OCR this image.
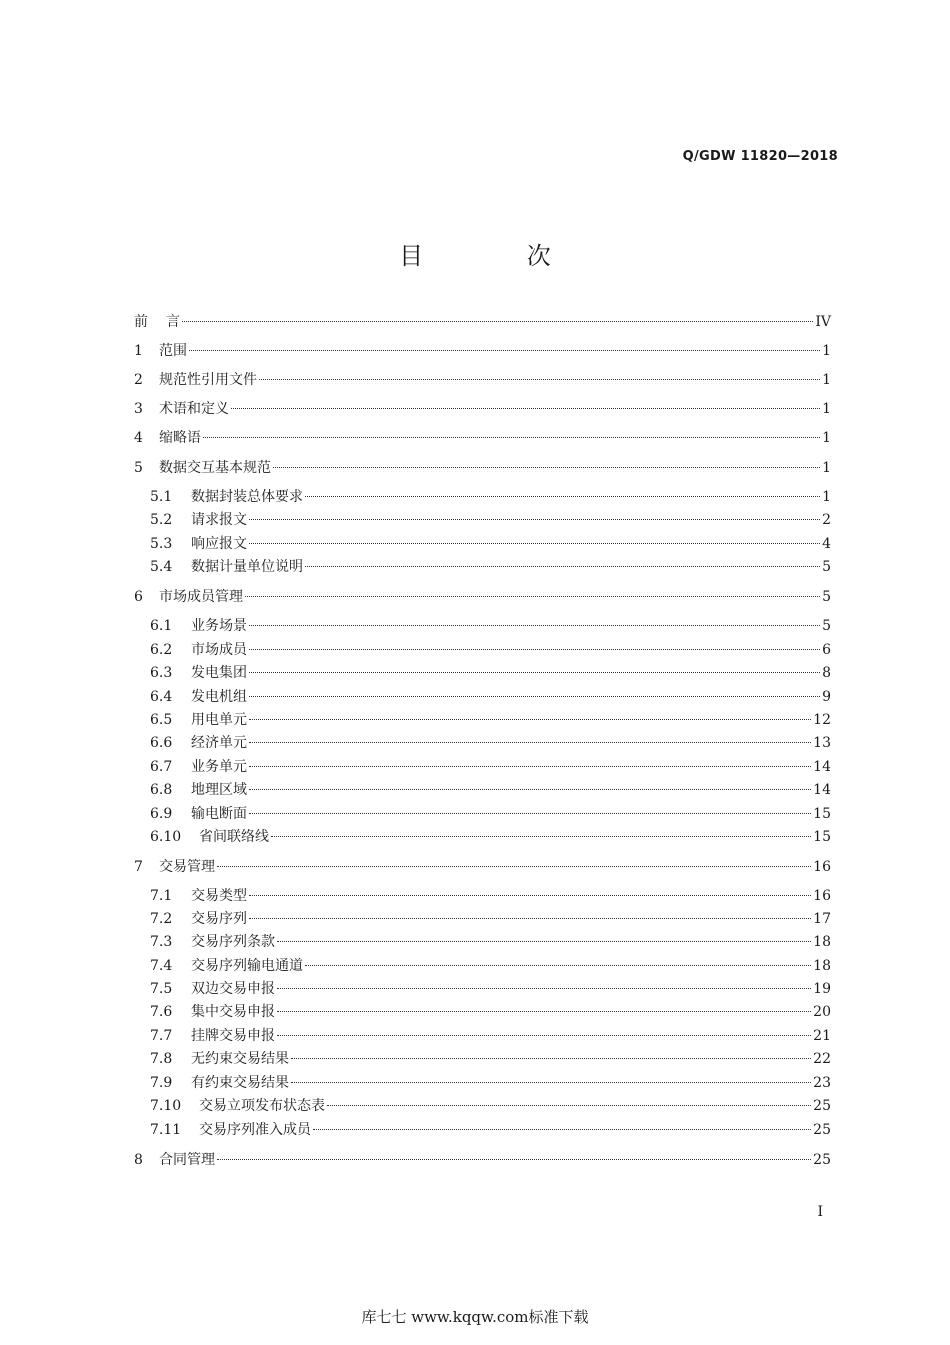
Q/GDW 11820—2018
目 次
前	言	IV
1	范围	1
2	规范性引用文件	1
3	术语和定义	1
4	缩略语	1
5	数据交互基本规范	1
5.1	数据封装总体要求	1
5.2	请求报文	2
5.3	响应报文	4
5.4	数据计量单位说明	5
6	市场成员管理	5
6.1	业务场景	5
6.2	市场成员	6
6.3	发电集团	8
6.4	发电机组	9
6.5	用电单元	12
6.6	经济单元	13
6.7	业务单元	14
6.8	地理区域	14
6.9	输电断面	15
6.10	省间联络线	15
7	交易管理	16
7.1	交易类型	16
7.2	交易序列	17
7.3	交易序列条款	18
7.4	交易序列输电通道	18
7.5	双边交易申报	19
7.6	集中交易申报	20
7.7	挂牌交易申报	21
7.8	无约束交易结果	22
7.9	有约束交易结果	23
7.10	交易立项发布状态表	25
7.11	交易序列准入成员	25
8	合同管理	25
I
库七七 www.kqqw.com标准下载
